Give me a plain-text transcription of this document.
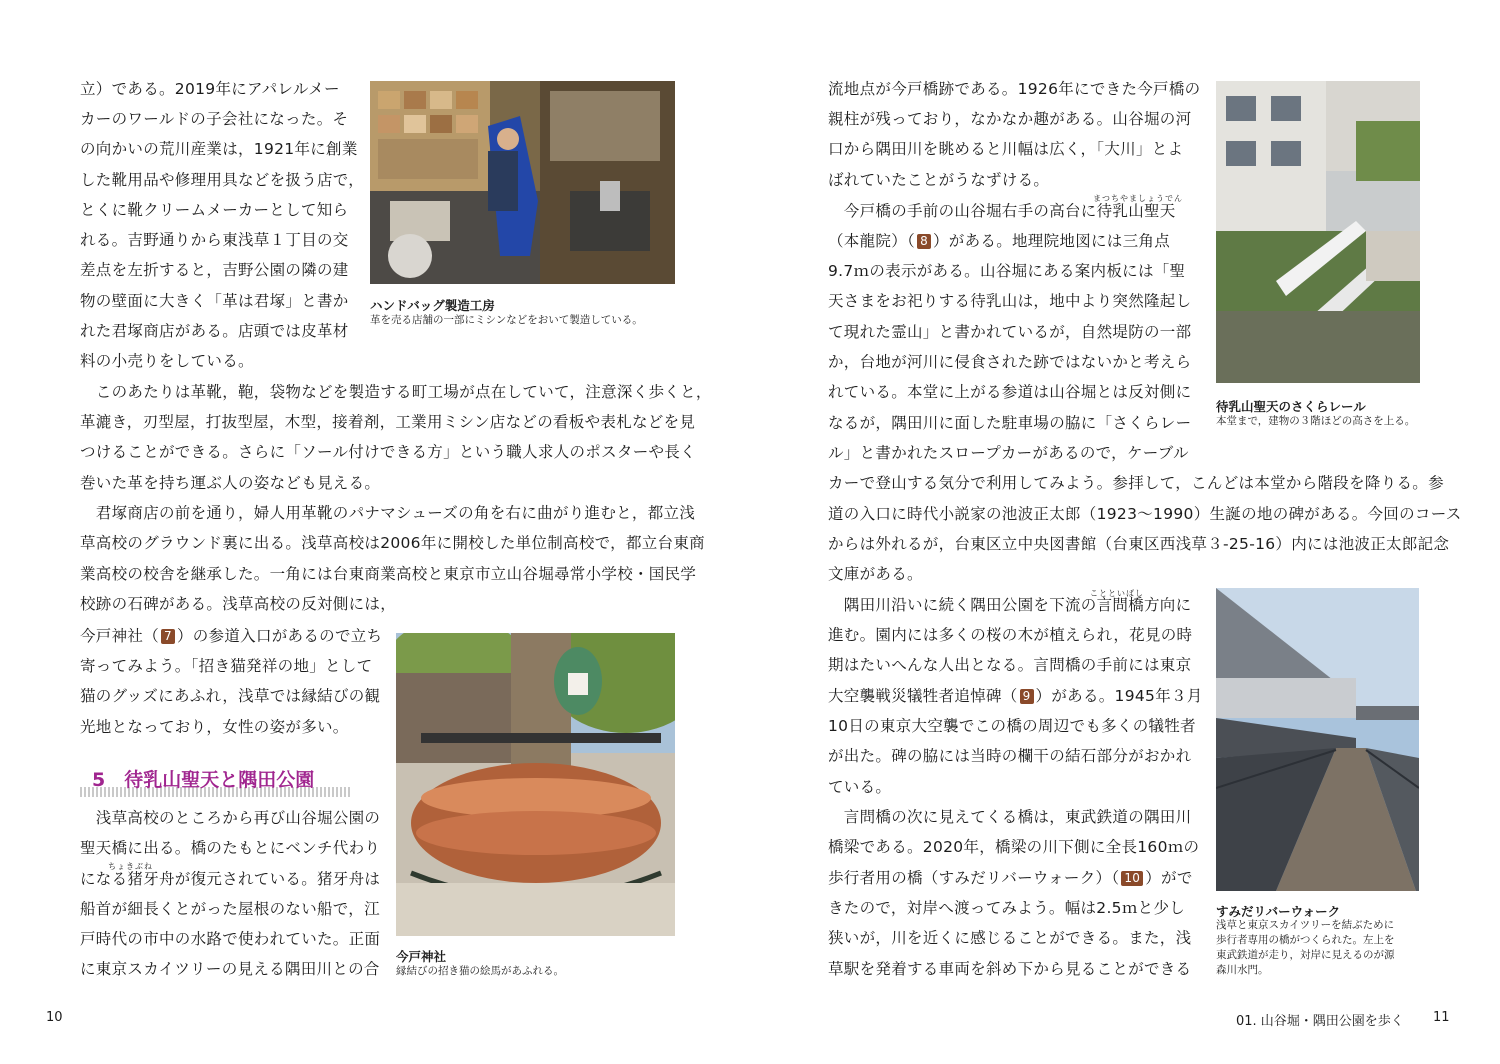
立）である。2019年にアパレルメー
カーのワールドの子会社になった。そ
の向かいの荒川産業は，1921年に創業
した靴用品や修理用具などを扱う店で，
とくに靴クリームメーカーとして知ら
れる。吉野通りから東浅草１丁目の交
差点を左折すると，吉野公園の隣の建
物の壁面に大きく「革は君塚」と書か
れた君塚商店がある。店頭では皮革材
料の小売りをしている。
　このあたりは革靴，鞄，袋物などを製造する町工場が点在していて，注意深く歩くと，
革漉き，刃型屋，打抜型屋，木型，接着剤，工業用ミシン店などの看板や表札などを見
つけることができる。さらに「ソール付けできる方」という職人求人のポスターや長く
巻いた革を持ち運ぶ人の姿なども見える。
　君塚商店の前を通り，婦人用革靴のパナマシューズの角を右に曲がり進むと，都立浅
草高校のグラウンド裏に出る。浅草高校は2006年に開校した単位制高校で，都立台東商
業高校の校舎を継承した。一角には台東商業高校と東京市立山谷堀尋常小学校・国民学
校跡の石碑がある。浅草高校の反対側には，
今戸神社（ 7 ）の参道入口があるので立ち
寄ってみよう。「招き猫発祥の地」として
猫のグッズにあふれ，浅草では縁結びの観
光地となっており，女性の姿が多い。
5　待乳山聖天と隅田公園
　浅草高校のところから再び山谷堀公園の
聖天橋に出る。橋のたもとにベンチ代わり
ちょきぶね
になる猪牙舟が復元されている。猪牙舟は
船首が細長くとがった屋根のない船で，江
戸時代の市中の水路で使われていた。正面
に東京スカイツリーの見える隅田川との合
ハンドバッグ製造工房
革を売る店舗の一部にミシンなどをおいて製造している。
今戸神社
縁結びの招き猫の絵馬があふれる。
10
流地点が今戸橋跡である。1926年にできた今戸橋の
親柱が残っており，なかなか趣がある。山谷堀の河
口から隅田川を眺めると川幅は広く，「大川」とよ
ばれていたことがうなずける。
まつちやましょうでん
　今戸橋の手前の山谷堀右手の高台に待乳山聖天
（本龍院）（ 8 ）がある。地理院地図には三角点
9.7ｍの表示がある。山谷堀にある案内板には「聖
天さまをお祀りする待乳山は，地中より突然隆起し
て現れた霊山」と書かれているが，自然堤防の一部
か，台地が河川に侵食された跡ではないかと考えら
れている。本堂に上がる参道は山谷堀とは反対側に
なるが，隅田川に面した駐車場の脇に「さくらレー
ル」と書かれたスロープカーがあるので，ケーブル
カーで登山する気分で利用してみよう。参拝して，こんどは本堂から階段を降りる。参
道の入口に時代小説家の池波正太郎（1923〜1990）生誕の地の碑がある。今回のコース
からは外れるが，台東区立中央図書館（台東区西浅草３-25-16）内には池波正太郎記念
文庫がある。
ことといばし
　隅田川沿いに続く隅田公園を下流の言問橋方向に
進む。園内には多くの桜の木が植えられ，花見の時
期はたいへんな人出となる。言問橋の手前には東京
大空襲戦災犠牲者追悼碑（ 9 ）がある。1945年３月
10日の東京大空襲でこの橋の周辺でも多くの犠牲者
が出た。碑の脇には当時の欄干の結石部分がおかれ
ている。
　言問橋の次に見えてくる橋は，東武鉄道の隅田川
橋梁である。2020年，橋梁の川下側に全長160ｍの
歩行者用の橋（すみだリバーウォーク）（ 10 ）がで
きたので，対岸へ渡ってみよう。幅は2.5ｍと少し
狭いが，川を近くに感じることができる。また，浅
草駅を発着する車両を斜め下から見ることができる
待乳山聖天のさくらレール
本堂まで，建物の３階ほどの高さを上る。
すみだリバーウォーク
浅草と東京スカイツリーを結ぶために
歩行者専用の橋がつくられた。左上を
東武鉄道が走り，対岸に見えるのが源
森川水門。
01. 山谷堀・隅田公園を歩く 11
